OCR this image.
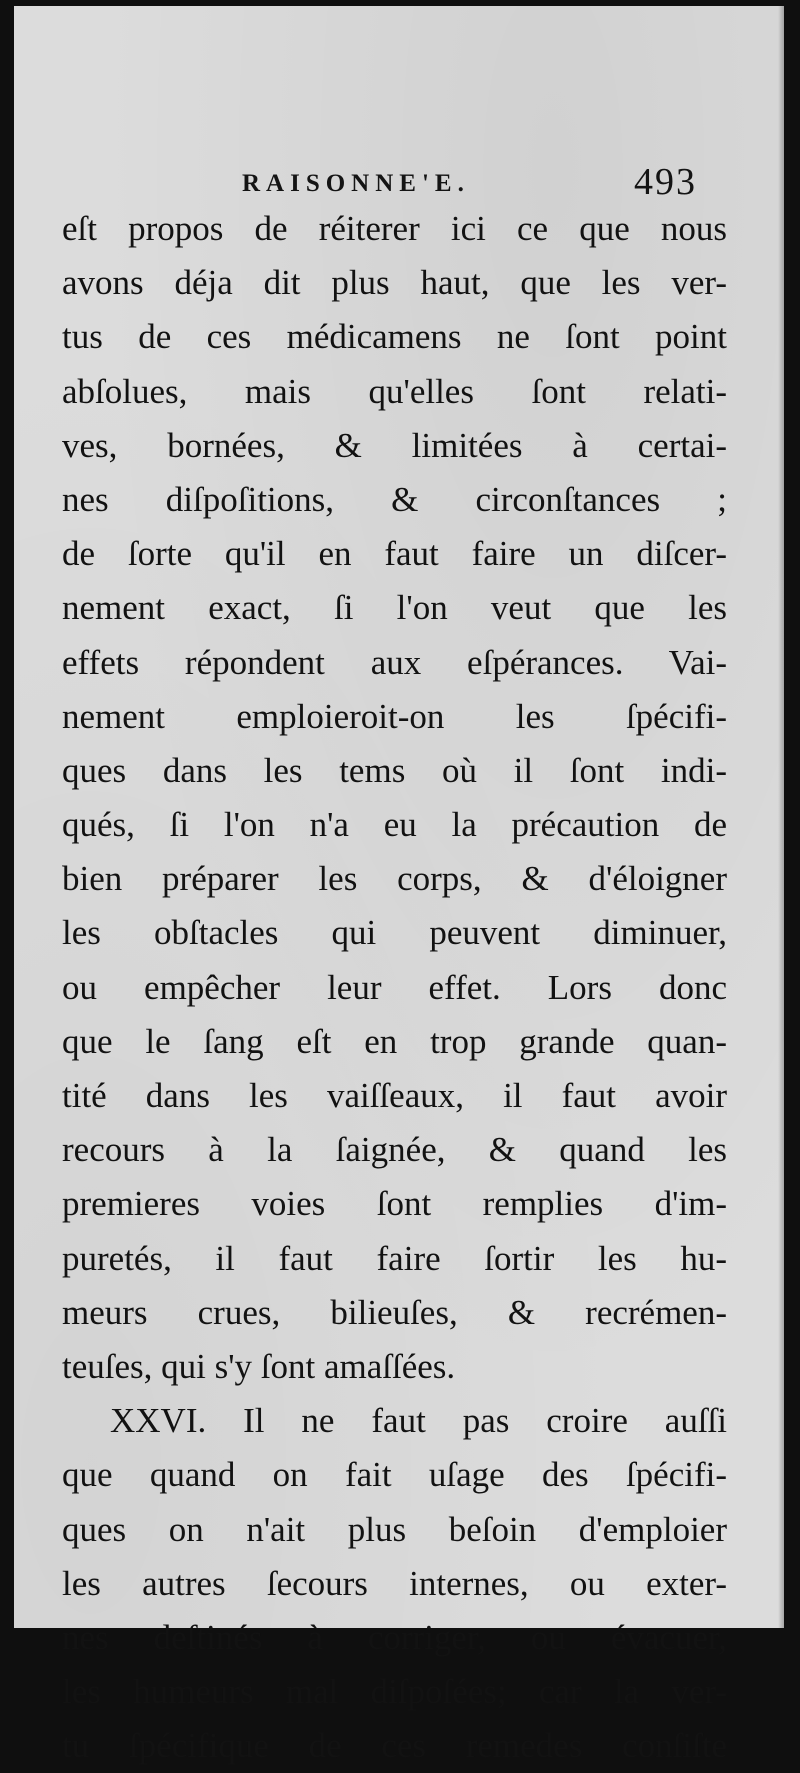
RAISONNE'E.	493
eſt propos de réiterer ici ce que nous
avons déja dit plus haut, que les ver-
tus de ces médicamens ne ſont point
abſolues, mais qu'elles ſont relati-
ves, bornées, & limitées à certai-
nes diſpoſitions, & circonſtances ;
de ſorte qu'il en faut faire un diſcer-
nement exact, ſi l'on veut que les
effets répondent aux eſpérances. Vai-
nement emploieroit-on les ſpécifi-
ques dans les tems où il ſont indi-
qués, ſi l'on n'a eu la précaution de
bien préparer les corps, & d'éloigner
les obſtacles qui peuvent diminuer,
ou empêcher leur effet. Lors donc
que le ſang eſt en trop grande quan-
tité dans les vaiſſeaux, il faut avoir
recours à la ſaignée, & quand les
premieres voies ſont remplies d'im-
puretés, il faut faire ſortir les hu-
meurs crues, bilieuſes, & recrémen-
teuſes, qui s'y ſont amaſſées.
XXVI. Il ne faut pas croire auſſi
que quand on fait uſage des ſpécifi-
ques on n'ait plus beſoin d'emploier
les autres ſecours internes, ou exter-
nes deſtinés à corriger, ou évacuer,
les humeurs mal diſpoſées; car la ver-
tu ſpécifique de ces remedes conſiſte
